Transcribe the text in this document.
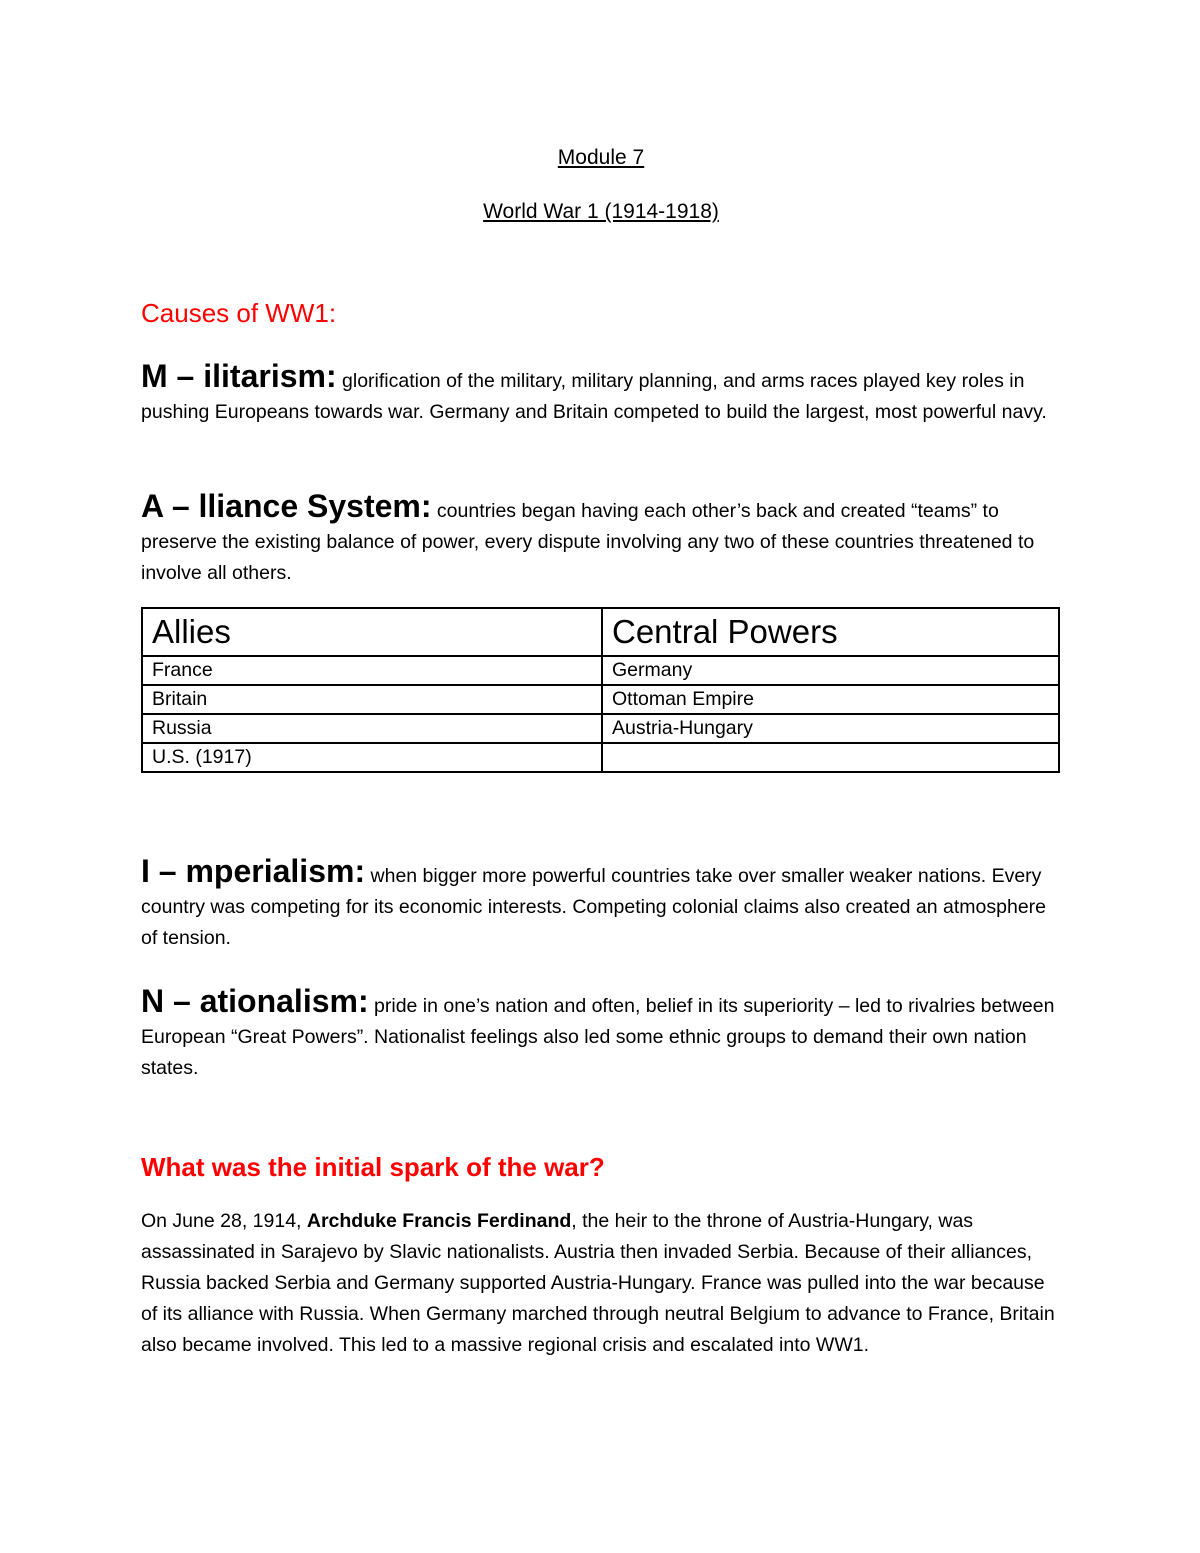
Module 7
World War 1 (1914-1918)
Causes of WW1:
M – ilitarism: glorification of the military, military planning, and arms races played key roles in pushing Europeans towards war. Germany and Britain competed to build the largest, most powerful navy.
A – lliance System: countries began having each other’s back and created “teams” to preserve the existing balance of power, every dispute involving any two of these countries threatened to involve all others.
Allies	Central Powers
France	Germany
Britain	Ottoman Empire
Russia	Austria-Hungary
U.S. (1917)	
I – mperialism: when bigger more powerful countries take over smaller weaker nations. Every country was competing for its economic interests. Competing colonial claims also created an atmosphere of tension.
N – ationalism: pride in one’s nation and often, belief in its superiority – led to rivalries between European “Great Powers”. Nationalist feelings also led some ethnic groups to demand their own nation states.
What was the initial spark of the war?
On June 28, 1914, Archduke Francis Ferdinand, the heir to the throne of Austria-Hungary, was assassinated in Sarajevo by Slavic nationalists. Austria then invaded Serbia. Because of their alliances, Russia backed Serbia and Germany supported Austria-Hungary. France was pulled into the war because of its alliance with Russia. When Germany marched through neutral Belgium to advance to France, Britain also became involved. This led to a massive regional crisis and escalated into WW1.
